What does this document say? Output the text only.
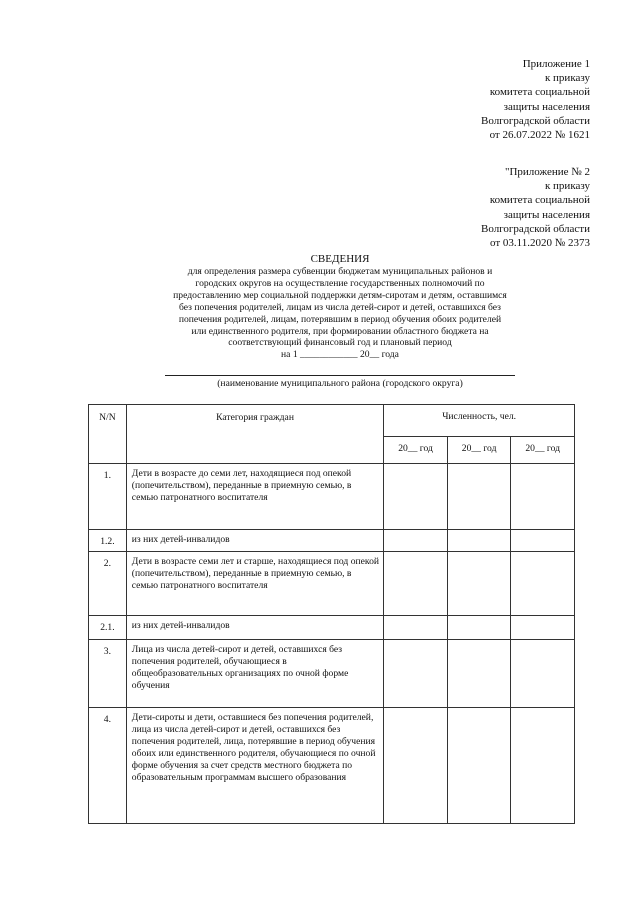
Приложение 1
к приказу
комитета социальной
защиты населения
Волгоградской области
от 26.07.2022 № 1621
"Приложение № 2
к приказу
комитета социальной
защиты населения
Волгоградской области
от 03.11.2020 № 2373
СВЕДЕНИЯ
для определения размера субвенции бюджетам муниципальных районов и
городских округов на осуществление государственных полномочий по
предоставлению мер социальной поддержки детям-сиротам и детям, оставшимся
без попечения родителей, лицам из числа детей-сирот и детей, оставшихся без
попечения родителей, лицам, потерявшим в период обучения обоих родителей
или единственного родителя, при формировании областного бюджета на
соответствующий финансовый год и плановый период
на 1 ____________ 20__ года
(наименование муниципального района (городского округа)
N/N	Категория граждан	Численность, чел.		
		20__ год	20__ год	20__ год
1.	Дети в возрасте до семи лет, находящиеся под опекой (попечительством), переданные в приемную семью, в семью патронатного воспитателя			
1.2.	из них детей-инвалидов			
2.	Дети в возрасте семи лет и старше, находящиеся под опекой (попечительством), переданные в приемную семью, в семью патронатного воспитателя			
2.1.	из них детей-инвалидов			
3.	Лица из числа детей-сирот и детей, оставшихся без попечения родителей, обучающиеся в общеобразовательных организациях по очной форме обучения			
4.	Дети-сироты и дети, оставшиеся без попечения родителей, лица из числа детей-сирот и детей, оставшихся без попечения родителей, лица, потерявшие в период обучения обоих или единственного родителя, обучающиеся по очной форме обучения за счет средств местного бюджета по образовательным программам высшего образования			
